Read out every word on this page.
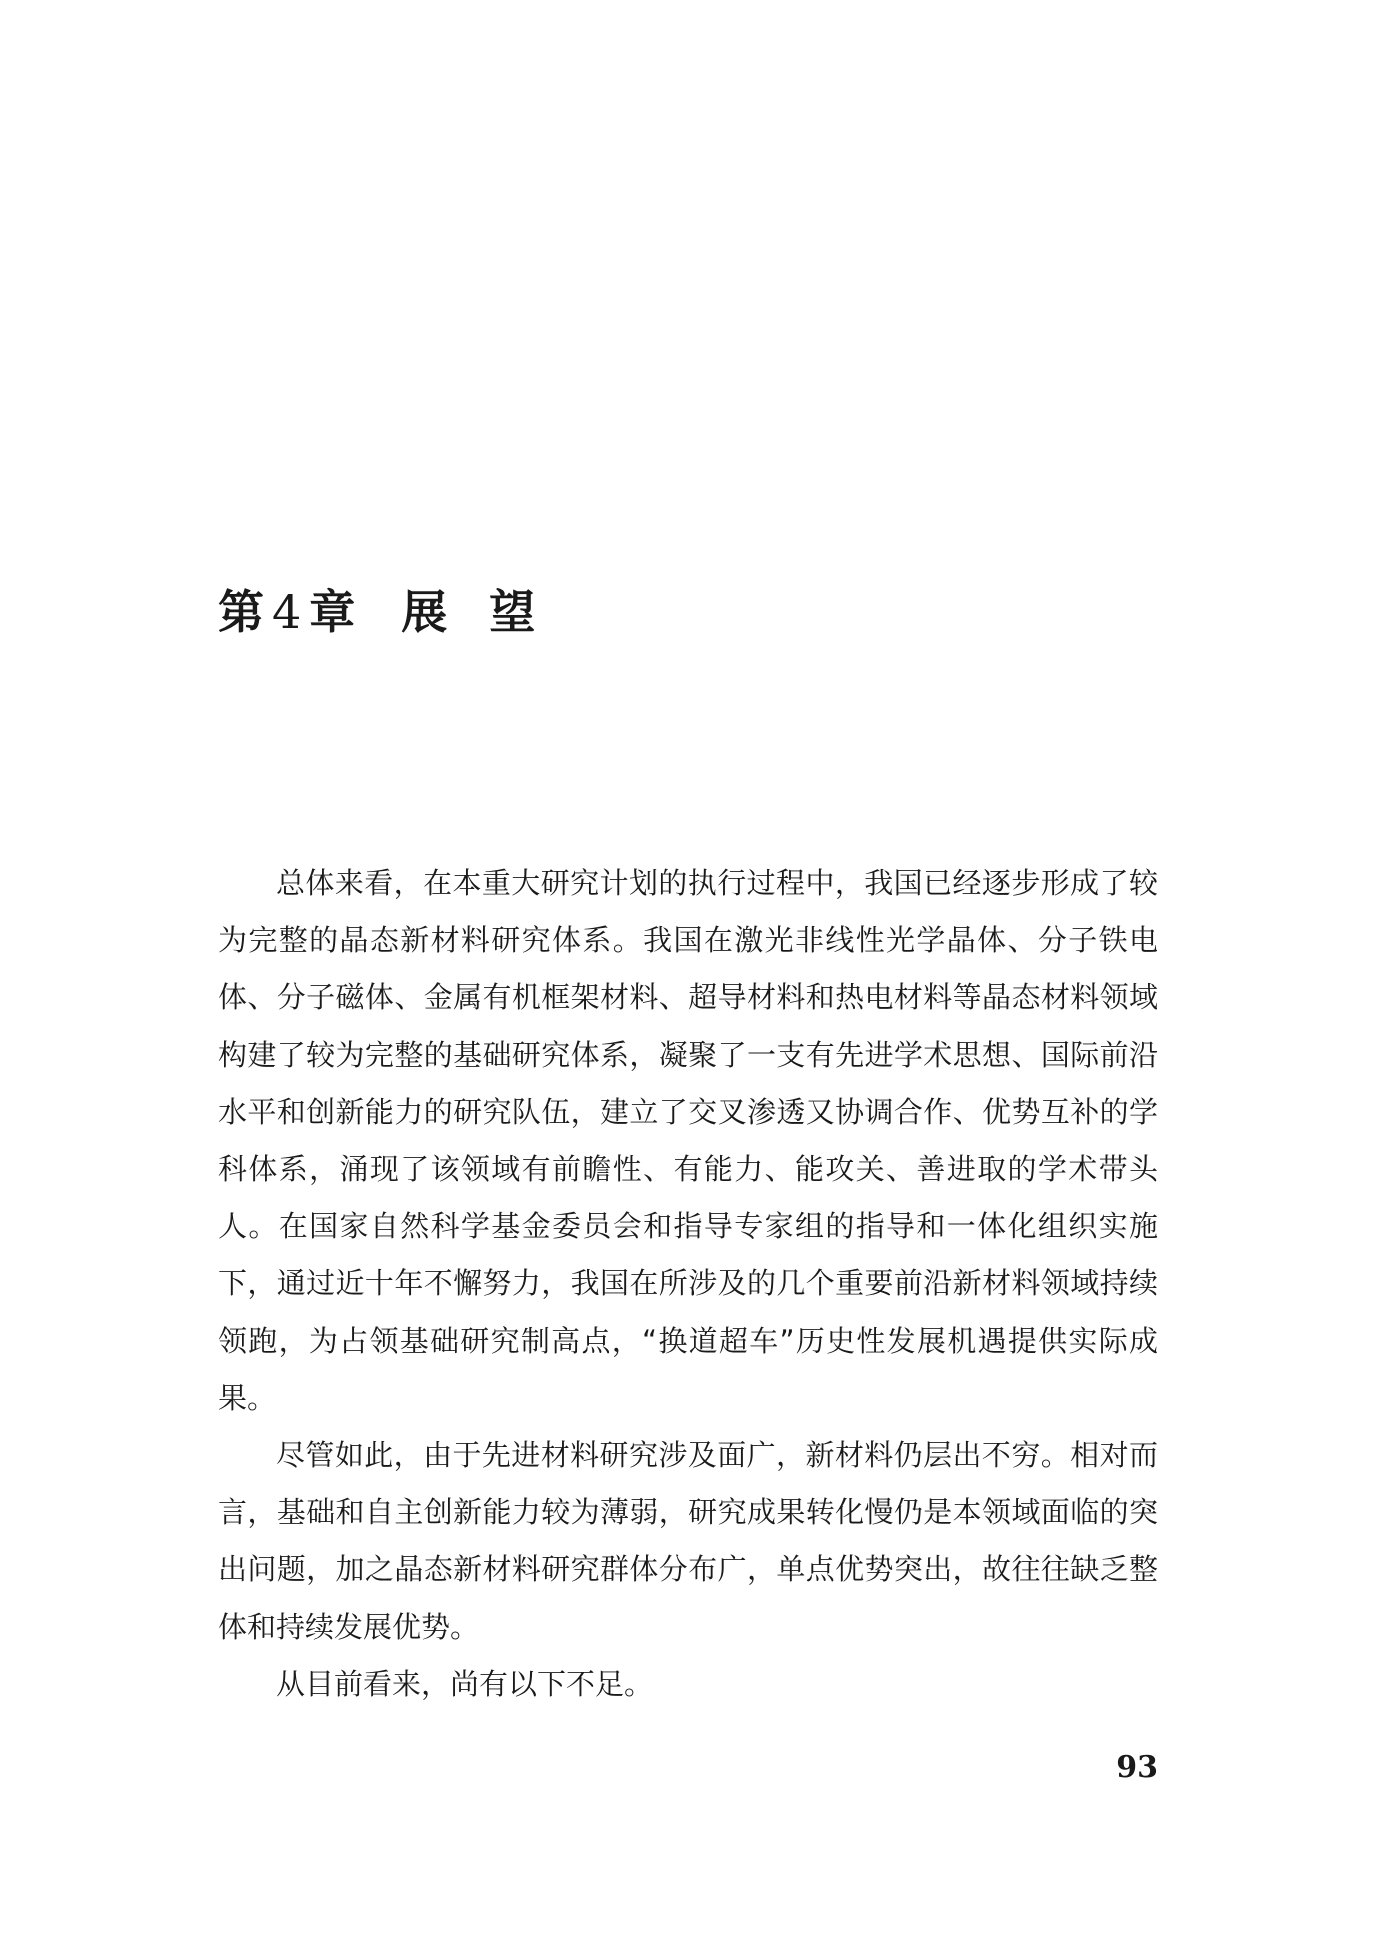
第 4 章 展 望

总体来看，在本重大研究计划的执行过程中，我国已经逐步形成了较为完整的晶态新材料研究体系。我国在激光非线性光学晶体、分子铁电体、分子磁体、金属有机框架材料、超导材料和热电材料等晶态材料领域构建了较为完整的基础研究体系，凝聚了一支有先进学术思想、国际前沿水平和创新能力的研究队伍，建立了交叉渗透又协调合作、优势互补的学科体系，涌现了该领域有前瞻性、有能力、能攻关、善进取的学术带头人。在国家自然科学基金委员会和指导专家组的指导和一体化组织实施下，通过近十年不懈努力，我国在所涉及的几个重要前沿新材料领域持续领跑，为占领基础研究制高点，“换道超车”历史性发展机遇提供实际成果。

尽管如此，由于先进材料研究涉及面广，新材料仍层出不穷。相对而言，基础和自主创新能力较为薄弱，研究成果转化慢仍是本领域面临的突出问题，加之晶态新材料研究群体分布广，单点优势突出，故往往缺乏整体和持续发展优势。

从目前看来，尚有以下不足。

93
